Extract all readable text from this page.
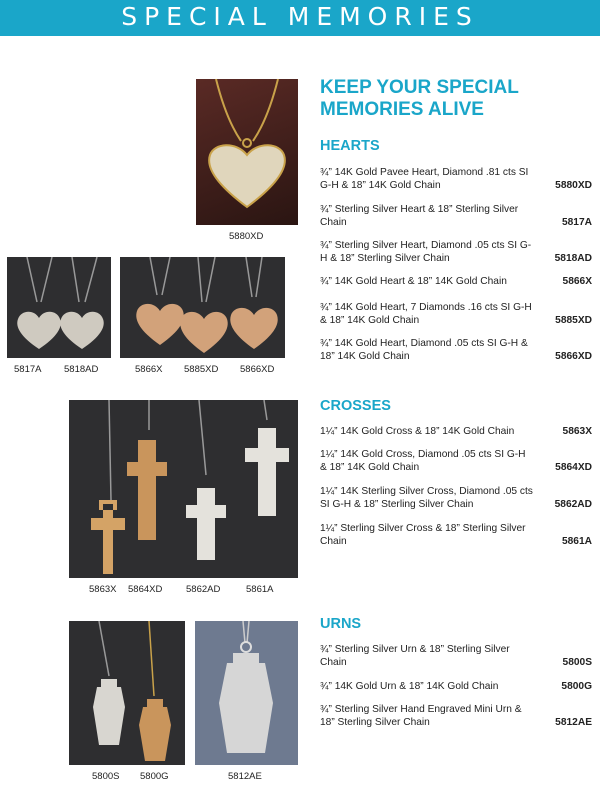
SPECIAL MEMORIES
5880XD
5817A 5818AD	5866X 5885XD 5866XD
5863X 5864XD 5862AD	5861A
5800S 5800G	5812AE
KEEP YOUR SPECIAL
MEMORIES ALIVE
HEARTS
¾” 14K Gold Pavee Heart, Diamond .81 cts SI G-H & 18” 14K Gold Chain	5880XD
¾” Sterling Silver Heart & 18” Sterling Silver Chain	5817A
¾” Sterling Silver Heart, Diamond .05 cts SI G-H & 18” Sterling Silver Chain	5818AD
¾” 14K Gold Heart & 18” 14K Gold Chain	5866X
¾” 14K Gold Heart, 7 Diamonds .16 cts SI G-H & 18” 14K Gold Chain	5885XD
¾” 14K Gold Heart, Diamond .05 cts SI G-H & 18” 14K Gold Chain	5866XD
CROSSES
1¼” 14K Gold Cross & 18” 14K Gold Chain	5863X
1¼” 14K Gold Cross, Diamond .05 cts SI G-H & 18” 14K Gold Chain	5864XD
1¼” 14K Sterling Silver Cross, Diamond .05 cts SI G-H & 18” Sterling Silver Chain	5862AD
1¼” Sterling Silver Cross & 18” Sterling Silver Chain	5861A
URNS
¾” Sterling Silver Urn & 18” Sterling Silver Chain	5800S
¾” 14K Gold Urn & 18” 14K Gold Chain	5800G
¾” Sterling Silver Hand Engraved Mini Urn & 18” Sterling Silver Chain	5812AE
